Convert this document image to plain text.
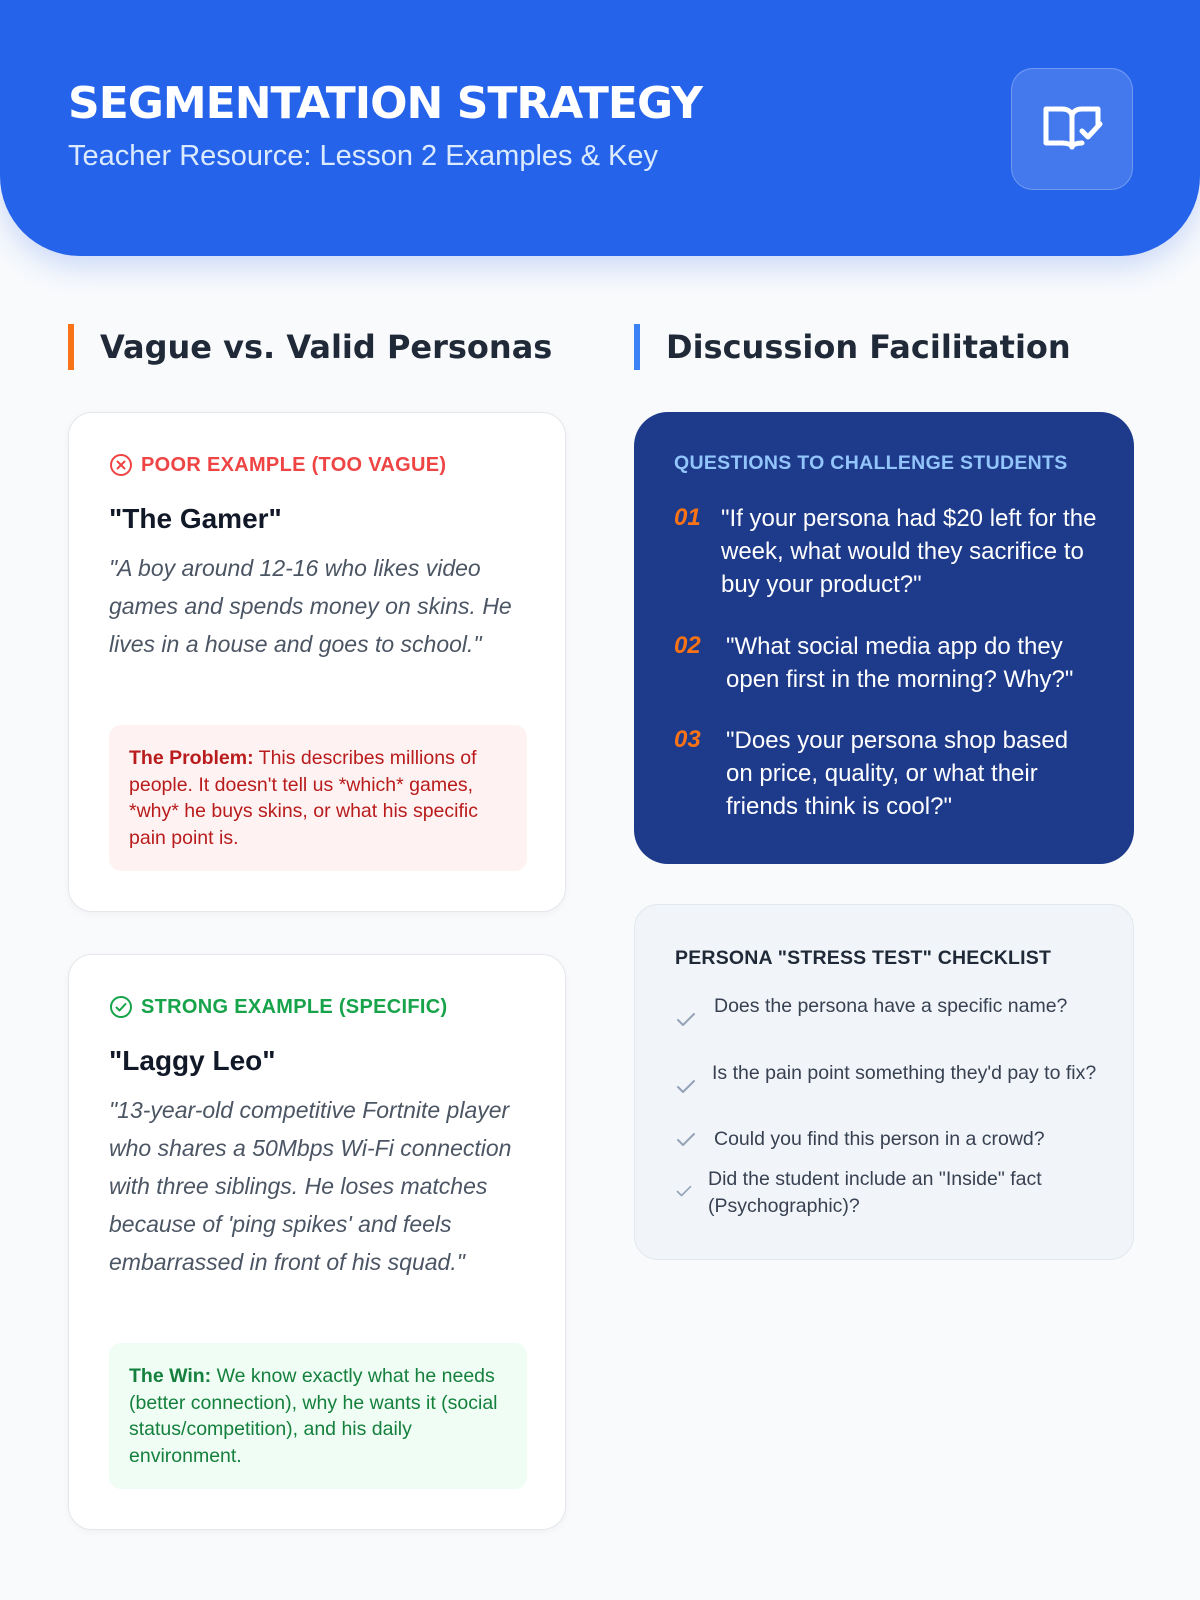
SEGMENTATION STRATEGY
Teacher Resource: Lesson 2 Examples & Key
Vague vs. Valid Personas	Discussion Facilitation
POOR EXAMPLE (TOO VAGUE)
"The Gamer"
"A boy around 12-16 who likes video games and spends money on skins. He lives in a house and goes to school."
The Problem: This describes millions of people. It doesn't tell us *which* games, *why* he buys skins, or what his specific pain point is.
STRONG EXAMPLE (SPECIFIC)
"Laggy Leo"
"13-year-old competitive Fortnite player who shares a 50Mbps Wi-Fi connection with three siblings. He loses matches because of 'ping spikes' and feels embarrassed in front of his squad."
The Win: We know exactly what he needs (better connection), why he wants it (social status/competition), and his daily environment.
QUESTIONS TO CHALLENGE STUDENTS
01 "If your persona had $20 left for the week, what would they sacrifice to buy your product?"
02 "What social media app do they open first in the morning? Why?"
03 "Does your persona shop based on price, quality, or what their friends think is cool?"
PERSONA "STRESS TEST" CHECKLIST
Does the persona have a specific name?
Is the pain point something they'd pay to fix?
Could you find this person in a crowd?
Did the student include an "Inside" fact (Psychographic)?
